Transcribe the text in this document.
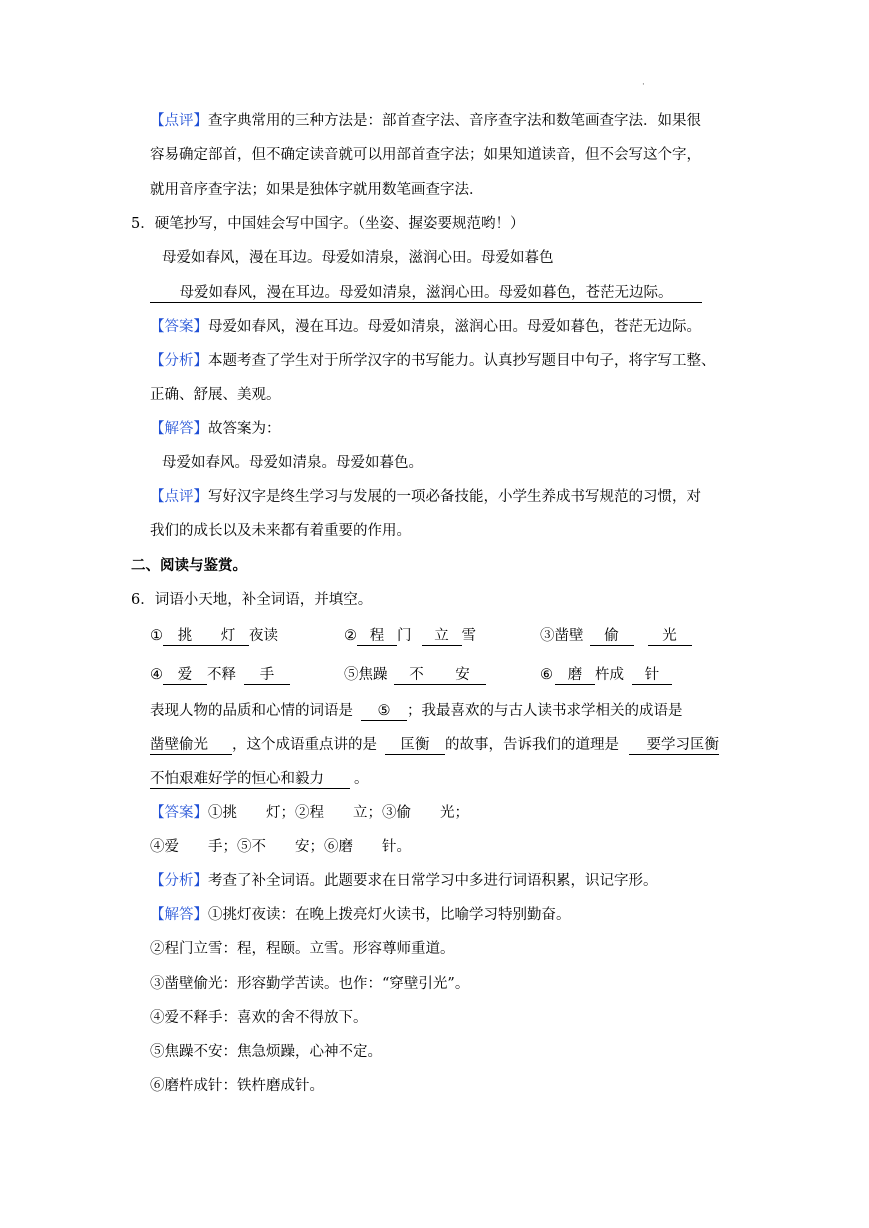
·
【点评】查字典常用的三种方法是：部首查字法、音序查字法和数笔画查字法．如果很
容易确定部首，但不确定读音就可以用部首查字法；如果知道读音，但不会写这个字，
就用音序查字法；如果是独体字就用数笔画查字法．
5．硬笔抄写，中国娃会写中国字。（坐姿、握姿要规范哟！）
母爱如春风，漫在耳边。母爱如清泉，滋润心田。母爱如暮色
母爱如春风，漫在耳边。母爱如清泉，滋润心田。母爱如暮色，苍茫无边际。
【答案】母爱如春风，漫在耳边。母爱如清泉，滋润心田。母爱如暮色，苍茫无边际。
【分析】本题考查了学生对于所学汉字的书写能力。认真抄写题目中句子，将字写工整、
正确、舒展、美观。
【解答】故答案为：
母爱如春风。母爱如清泉。母爱如暮色。
【点评】写好汉字是终生学习与发展的一项必备技能，小学生养成书写规范的习惯，对
我们的成长以及未来都有着重要的作用。
二、阅读与鉴赏。
6．词语小天地，补全词语，并填空。
① 挑 灯 夜读	② 程 门 立 雪	③凿壁 偷	光
④ 爱 不释 手	⑤焦躁 不 安	⑥ 磨 杵成 针
表现人物的品质和心情的词语是 ⑤ ；我最喜欢的与古人读书求学相关的成语是
凿壁偷光 ，这个成语重点讲的是 匡衡 的故事，告诉我们的道理是 要学习匡衡
不怕艰难好学的恒心和毅力 。
【答案】①挑　　灯；②程　　立；③偷　　光；
④爱　　手；⑤不　　安；⑥磨　　针。
【分析】考查了补全词语。此题要求在日常学习中多进行词语积累，识记字形。
【解答】①挑灯夜读：在晚上拨亮灯火读书，比喻学习特别勤奋。
②程门立雪：程，程颐。立雪。形容尊师重道。
③凿壁偷光：形容勤学苦读。也作：“穿壁引光”。
④爱不释手：喜欢的舍不得放下。
⑤焦躁不安：焦急烦躁，心神不定。
⑥磨杵成针：铁杵磨成针。
